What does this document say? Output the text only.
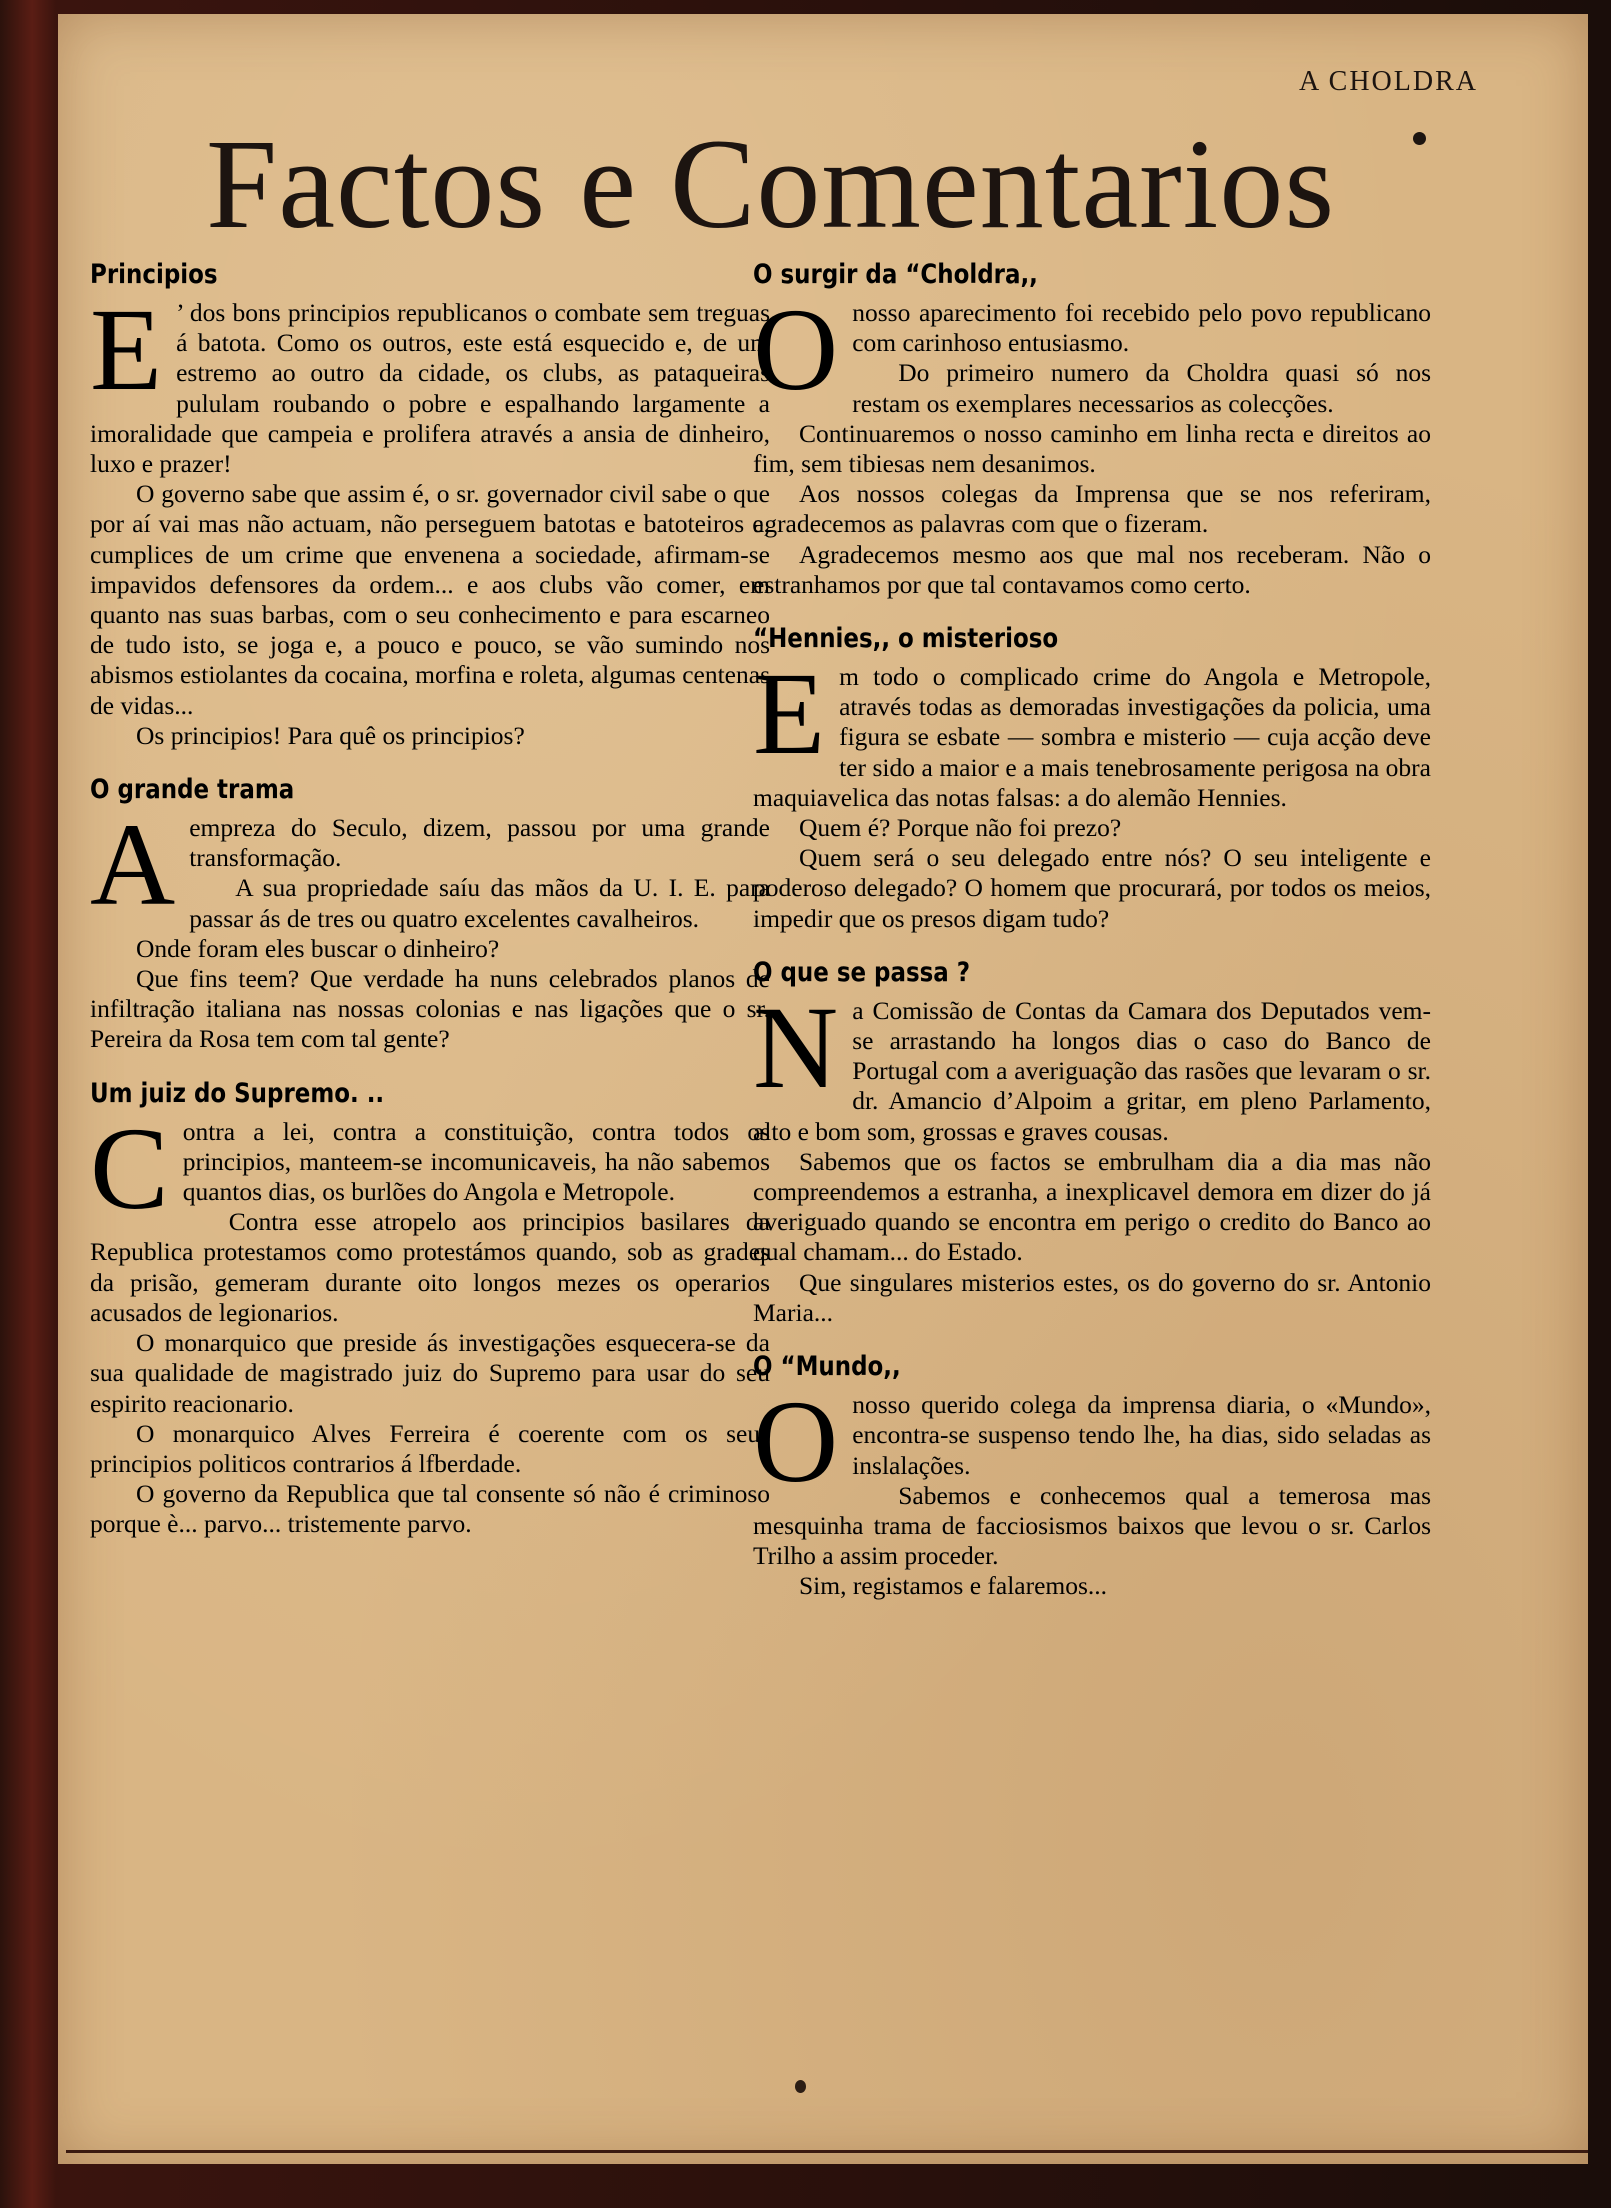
A CHOLDRA
Factos e Comentarios
Principios
E ’ dos bons principios republicanos o combate sem treguas á batota. Como os outros, este está esquecido e, de um estremo ao outro da cidade, os clubs, as pataqueiras pululam roubando o pobre e espalhando largamente a imoralidade que campeia e prolifera através a ansia de dinheiro, luxo e prazer!

O governo sabe que assim é, o sr. governador civil sabe o que por aí vai mas não actuam, não perseguem batotas e batoteiros e, cumplices de um crime que envenena a sociedade, afirmam-se impavidos defensores da ordem... e aos clubs vão comer, em quanto nas suas barbas, com o seu conhecimento e para escarneo de tudo isto, se joga e, a pouco e pouco, se vão sumindo nos abismos estiolantes da cocaina, morfina e roleta, algumas centenas de vidas...

Os principios! Para quê os principios?

O grande trama
A empreza do Seculo, dizem, passou por uma grande transformação.

A sua propriedade saíu das mãos da U. I. E. para passar ás de tres ou quatro excelentes cavalheiros.

Onde foram eles buscar o dinheiro?

Que fins teem? Que verdade ha nuns celebrados planos de infiltração italiana nas nossas colonias e nas ligações que o sr. Pereira da Rosa tem com tal gente?

Um juiz do Supremo. ..
C ontra a lei, contra a constituição, contra todos os principios, manteem-se incomunicaveis, ha não sabemos quantos dias, os burlões do Angola e Metropole.

Contra esse atropelo aos principios basilares da Republica protestamos como protestámos quando, sob as grades da prisão, gemeram durante oito longos mezes os operarios acusados de legionarios.

O monarquico que preside ás investigações esquecera-se da sua qualidade de magistrado juiz do Supremo para usar do seu espirito reacionario.

O monarquico Alves Ferreira é coerente com os seus principios politicos contrarios á lfberdade.

O governo da Republica que tal consente só não é criminoso porque è... parvo... tristemente parvo.

O surgir da “Choldra,,
O nosso aparecimento foi recebido pelo povo republicano com carinhoso entusiasmo.

Do primeiro numero da Choldra quasi só nos restam os exemplares necessarios as colecções.

Continuaremos o nosso caminho em linha recta e direitos ao fim, sem tibiesas nem desanimos.

Aos nossos colegas da Imprensa que se nos referiram, agradecemos as palavras com que o fizeram.

Agradecemos mesmo aos que mal nos receberam. Não o estranhamos por que tal contavamos como certo.

“Hennies,, o misterioso
E m todo o complicado crime do Angola e Metropole, através todas as demoradas investigações da policia, uma figura se esbate — sombra e misterio — cuja acção deve ter sido a maior e a mais tenebrosamente perigosa na obra maquiavelica das notas falsas: a do alemão Hennies.

Quem é? Porque não foi prezo?

Quem será o seu delegado entre nós? O seu inteligente e poderoso delegado? O homem que procurará, por todos os meios, impedir que os presos digam tudo?

O que se passa ?
N a Comissão de Contas da Camara dos Deputados vem-se arrastando ha longos dias o caso do Banco de Portugal com a averiguação das rasões que levaram o sr. dr. Amancio d’Alpoim a gritar, em pleno Parlamento, alto e bom som, grossas e graves cousas.

Sabemos que os factos se embrulham dia a dia mas não compreendemos a estranha, a inexplicavel demora em dizer do já averiguado quando se encontra em perigo o credito do Banco ao qual chamam... do Estado.

Que singulares misterios estes, os do governo do sr. Antonio Maria...

O “Mundo,,
O nosso querido colega da imprensa diaria, o «Mundo», encontra-se suspenso tendo lhe, ha dias, sido seladas as inslalações.

Sabemos e conhecemos qual a temerosa mas mesquinha trama de facciosismos baixos que levou o sr. Carlos Trilho a assim proceder.

Sim, registamos e falaremos...
